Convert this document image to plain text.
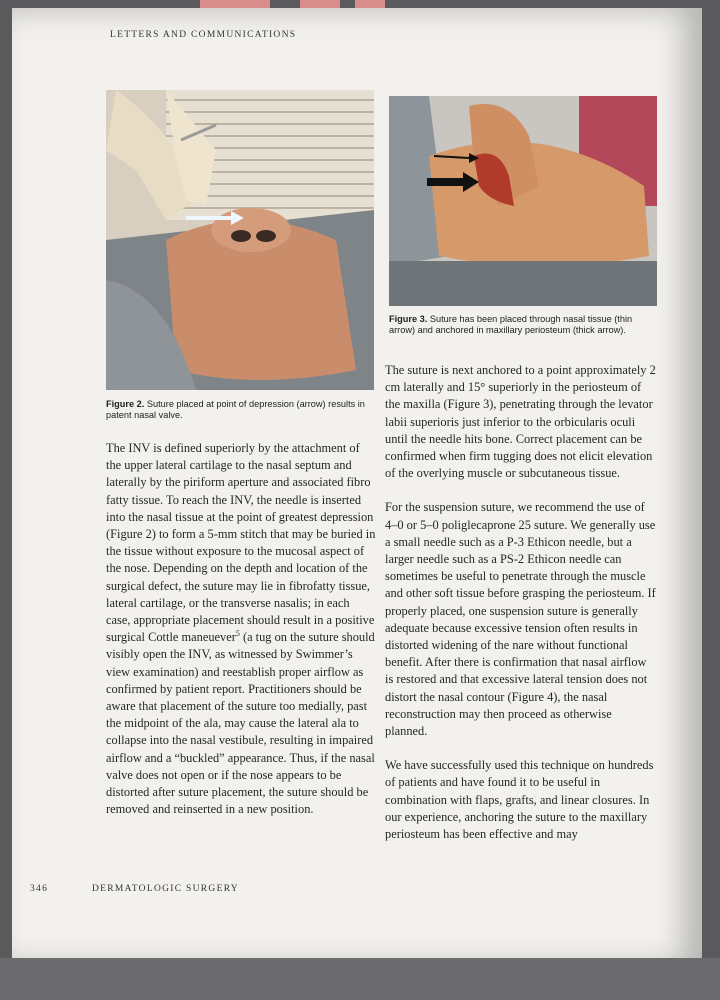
LETTERS AND COMMUNICATIONS
Figure 2. Suture placed at point of depression (arrow) results in patent nasal valve.
Figure 3. Suture has been placed through nasal tissue (thin arrow) and anchored in maxillary periosteum (thick arrow).

The INV is defined superiorly by the attachment of the upper lateral cartilage to the nasal septum and laterally by the piriform aperture and associated fibro fatty tissue. To reach the INV, the needle is inserted into the nasal tissue at the point of greatest depression (Figure 2) to form a 5-mm stitch that may be buried in the tissue without exposure to the mucosal aspect of the nose. Depending on the depth and location of the surgical defect, the suture may lie in fibrofatty tissue, lateral cartilage, or the transverse nasalis; in each case, appropriate placement should result in a positive surgical Cottle maneuever$^5$ (a tug on the suture should visibly open the INV, as witnessed by Swimmer’s view examination) and reestablish proper airflow as confirmed by patient report. Practitioners should be aware that placement of the suture too medially, past the midpoint of the ala, may cause the lateral ala to collapse into the nasal vestibule, resulting in impaired airflow and a “buckled” appearance. Thus, if the nasal valve does not open or if the nose appears to be distorted after suture placement, the suture should be removed and reinserted in a new position.

The suture is next anchored to a point approximately 2 cm laterally and 15° superiorly in the periosteum of the maxilla (Figure 3), penetrating through the levator labii superioris just inferior to the orbicularis oculi until the needle hits bone. Correct placement can be confirmed when firm tugging does not elicit elevation of the overlying muscle or subcutaneous tissue.

For the suspension suture, we recommend the use of 4–0 or 5–0 poliglecaprone 25 suture. We generally use a small needle such as a P-3 Ethicon needle, but a larger needle such as a PS-2 Ethicon needle can sometimes be useful to penetrate through the muscle and other soft tissue before grasping the periosteum. If properly placed, one suspension suture is generally adequate because excessive tension often results in distorted widening of the nare without functional benefit. After there is confirmation that nasal airflow is restored and that excessive lateral tension does not distort the nasal contour (Figure 4), the nasal reconstruction may then proceed as otherwise planned.

We have successfully used this technique on hundreds of patients and have found it to be useful in combination with flaps, grafts, and linear closures. In our experience, anchoring the suture to the maxillary periosteum has been effective and may

346	DERMATOLOGIC SURGERY
